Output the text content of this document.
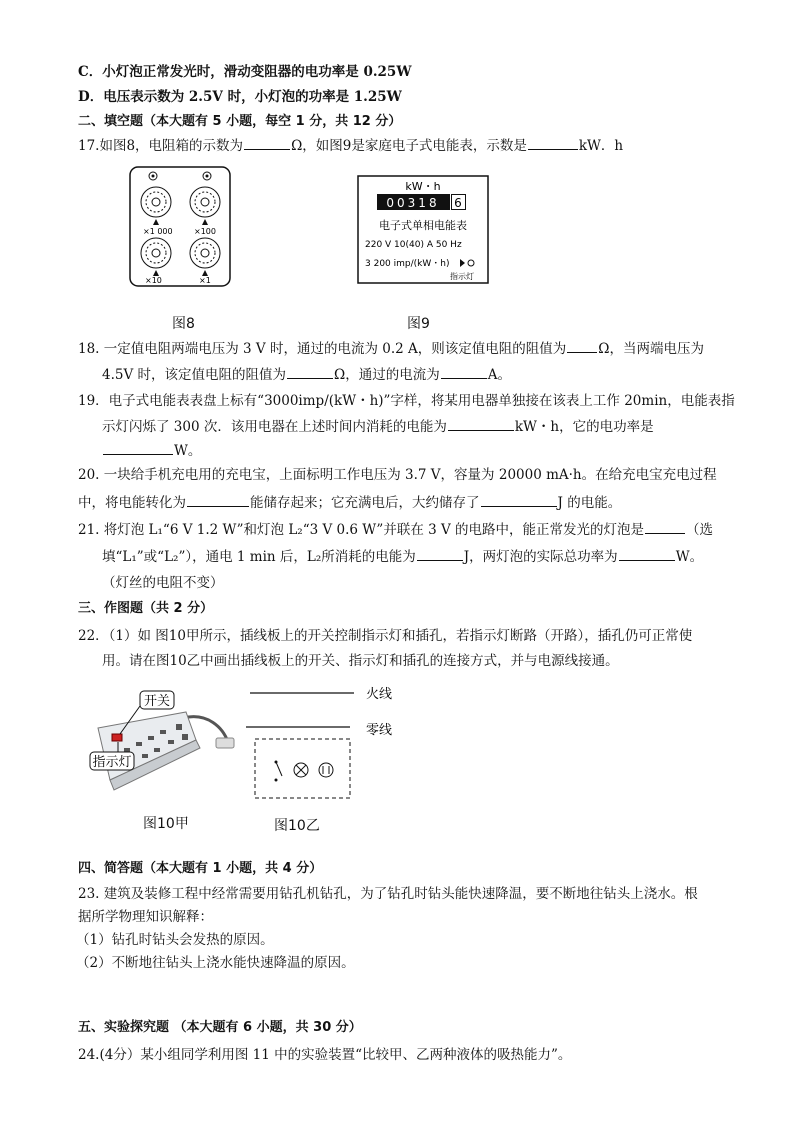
C．小灯泡正常发光时，滑动变阻器的电功率是 0.25W
D．电压表示数为 2.5V 时，小灯泡的功率是 1.25W
二、填空题（本大题有 5 小题，每空 1 分，共 12 分）
17.如图8，电阻箱的示数为	Ω，如图9是家庭电子式电能表，示数是	kW．h
×1 000	×100
×10	×1
kW・h
00318 6
电子式单相电能表
220 V 10(40) A 50 Hz
3 200 imp/(kW・h)
指示灯
图8	图9
18. 一定值电阻两端电压为 3 V 时，通过的电流为 0.2 A，则该定值电阻的阻值为 Ω，当两端电压为
4.5V 时，该定值电阻的阻值为	Ω，通过的电流为	A。
19．电子式电能表表盘上标有“3000imp/(kW・h)”字样，将某用电器单独接在该表上工作 20min，电能表指
示灯闪烁了 300 次．该用电器在上述时间内消耗的电能为	kW・h，它的电功率是
W。
20. 一块给手机充电用的充电宝，上面标明工作电压为 3.7 V，容量为 20000 mA·h。在给充电宝充电过程
中，将电能转化为	能储存起来；它充满电后，大约储存了	J 的电能。
21. 将灯泡 L₁“6 V 1.2 W”和灯泡 L₂“3 V 0.6 W”并联在 3 V 的电路中，能正常发光的灯泡是	（选
填“L₁”或“L₂”），通电 1 min 后，L₂所消耗的电能为	J，两灯泡的实际总功率为	W。
（灯丝的电阻不变）
三、作图题（共 2 分）
22．（1）如 图10甲所示，插线板上的开关控制指示灯和插孔，若指示灯断路（开路），插孔仍可正常使
用。请在图10乙中画出插线板上的开关、指示灯和插孔的连接方式，并与电源线接通。
开关
指示灯
火线
零线
图10甲	图10乙
四、简答题（本大题有 1 小题，共 4 分）
23. 建筑及装修工程中经常需要用钻孔机钻孔，为了钻孔时钻头能快速降温，要不断地往钻头上浇水。根
据所学物理知识解释：
（1）钻孔时钻头会发热的原因。
（2）不断地往钻头上浇水能快速降温的原因。
五、实验探究题 （本大题有 6 小题，共 30 分）
24.(4分）某小组同学利用图 11 中的实验装置“比较甲、乙两种液体的吸热能力”。
